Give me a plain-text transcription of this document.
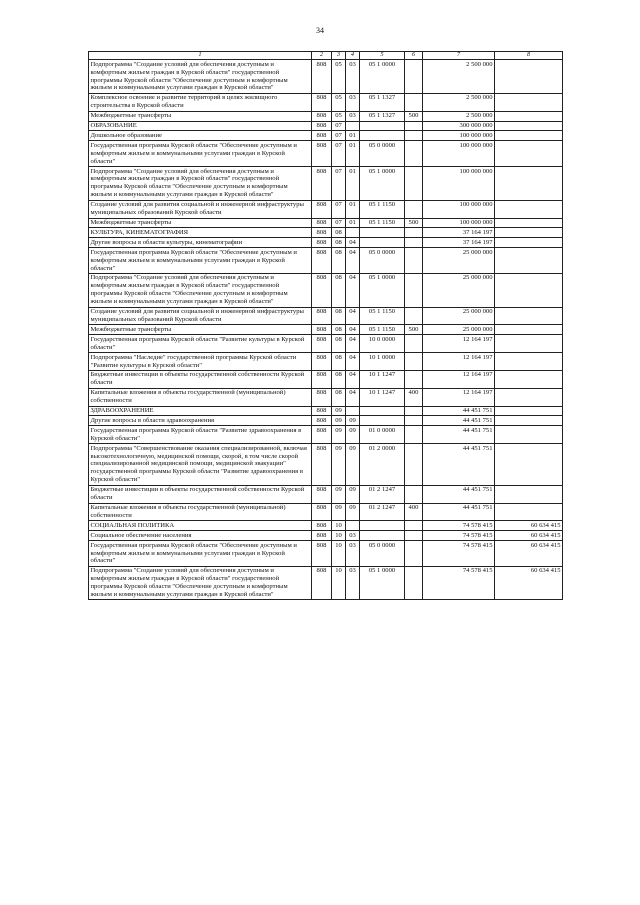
34
1	2	3	4	5	6	7	8
Подпрограмма "Создание условий для обеспечения доступным и комфортным жильем граждан в Курской области" государственной программы Курской области "Обеспечение доступным и комфортным жильем и коммунальными услугами граждан в Курской области"	808	05	03	05 1 0000		2 500 000	
Комплексное освоение и развитие территорий в целях жилищного строительства в Курской области	808	05	03	05 1 1327		2 500 000	
Межбюджетные трансферты	808	05	03	05 1 1327	500	2 500 000	
ОБРАЗОВАНИЕ	808	07				300 000 000	
Дошкольное образование	808	07	01			100 000 000	
Государственная программа Курской области "Обеспечение доступным и комфортным жильем и коммунальными услугами граждан в Курской области"	808	07	01	05 0 0000		100 000 000	
Подпрограмма "Создание условий для обеспечения доступным и комфортным жильем граждан в Курской области" государственной программы Курской области "Обеспечение доступным и комфортным жильем и коммунальными услугами граждан в Курской области"	808	07	01	05 1 0000		100 000 000	
Создание условий для развития социальной и инженерной инфраструктуры муниципальных образований Курской области	808	07	01	05 1 1150		100 000 000	
Межбюджетные трансферты	808	07	01	05 1 1150	500	100 000 000	
КУЛЬТУРА, КИНЕМАТОГРАФИЯ	808	08				37 164 197	
Другие вопросы в области культуры, кинематографии	808	08	04			37 164 197	
Государственная программа Курской области "Обеспечение доступным и комфортным жильем и коммунальными услугами граждан в Курской области"	808	08	04	05 0 0000		25 000 000	
Подпрограмма "Создание условий для обеспечения доступным и комфортным жильем граждан в Курской области" государственной программы Курской области "Обеспечение доступным и комфортным жильем и коммунальными услугами граждан в Курской области"	808	08	04	05 1 0000		25 000 000	
Создание условий для развития социальной и инженерной инфраструктуры муниципальных образований Курской области	808	08	04	05 1 1150		25 000 000	
Межбюджетные трансферты	808	08	04	05 1 1150	500	25 000 000	
Государственная программа Курской области "Развитие культуры в Курской области"	808	08	04	10 0 0000		12 164 197	
Подпрограмма "Наследие" государственной программы Курской области "Развитие культуры в Курской области"	808	08	04	10 1 0000		12 164 197	
Бюджетные инвестиции в объекты государственной собственности Курской области	808	08	04	10 1 1247		12 164 197	
Капитальные вложения в объекты государственной (муниципальной) собственности	808	08	04	10 1 1247	400	12 164 197	
ЗДРАВООХРАНЕНИЕ	808	09				44 451 751	
Другие вопросы в области здравоохранения	808	09	09			44 451 751	
Государственная программа Курской области "Развитие здравоохранения в Курской области"	808	09	09	01 0 0000		44 451 751	
Подпрограмма "Совершенствование оказания специализированной, включая высокотехнологичную, медицинской помощи, скорой, в том числе скорой специализированной медицинской помощи, медицинской эвакуации" государственной программы Курской области "Развитие здравоохранения в Курской области"	808	09	09	01 2 0000		44 451 751	
Бюджетные инвестиции в объекты государственной собственности Курской области	808	09	09	01 2 1247		44 451 751	
Капитальные вложения в объекты государственной (муниципальной) собственности	808	09	09	01 2 1247	400	44 451 751	
СОЦИАЛЬНАЯ ПОЛИТИКА	808	10				74 578 415	60 634 415
Социальное обеспечение населения	808	10	03			74 578 415	60 634 415
Государственная программа Курской области "Обеспечение доступным и комфортным жильем и коммунальными услугами граждан в Курской области"	808	10	03	05 0 0000		74 578 415	60 634 415
Подпрограмма "Создание условий для обеспечения доступным и комфортным жильем граждан в Курской области" государственной программы Курской области "Обеспечение доступным и комфортным жильем и коммунальными услугами граждан в Курской области"	808	10	03	05 1 0000		74 578 415	60 634 415
